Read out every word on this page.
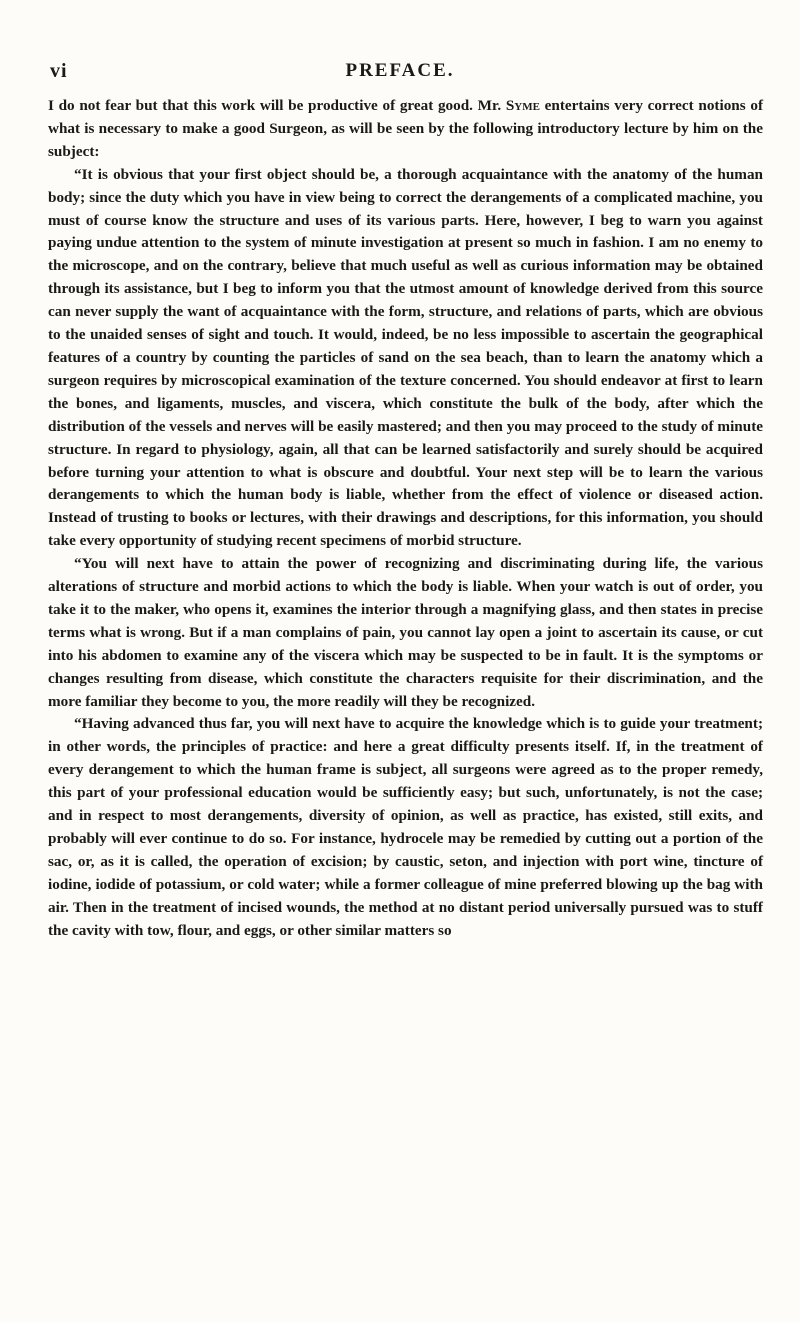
vi	PREFACE.

I do not fear but that this work will be productive of great good. Mr. Syme entertains very correct notions of what is necessary to make a good Surgeon, as will be seen by the following introductory lecture by him on the subject:

“It is obvious that your first object should be, a thorough acquaintance with the anatomy of the human body; since the duty which you have in view being to correct the derangements of a complicated machine, you must of course know the structure and uses of its various parts. Here, however, I beg to warn you against paying undue attention to the system of minute investigation at present so much in fashion. I am no enemy to the microscope, and on the contrary, believe that much useful as well as curious information may be obtained through its assistance, but I beg to inform you that the utmost amount of knowledge derived from this source can never supply the want of acquaintance with the form, structure, and relations of parts, which are obvious to the unaided senses of sight and touch. It would, indeed, be no less impossible to ascertain the geographical features of a country by counting the particles of sand on the sea beach, than to learn the anatomy which a surgeon requires by microscopical examination of the texture concerned. You should endeavor at first to learn the bones, and ligaments, muscles, and viscera, which constitute the bulk of the body, after which the distribution of the vessels and nerves will be easily mastered; and then you may proceed to the study of minute structure. In regard to physiology, again, all that can be learned satisfactorily and surely should be acquired before turning your attention to what is obscure and doubtful. Your next step will be to learn the various derangements to which the human body is liable, whether from the effect of violence or diseased action. Instead of trusting to books or lectures, with their drawings and descriptions, for this information, you should take every opportunity of studying recent specimens of morbid structure.

“You will next have to attain the power of recognizing and discriminating during life, the various alterations of structure and morbid actions to which the body is liable. When your watch is out of order, you take it to the maker, who opens it, examines the interior through a magnifying glass, and then states in precise terms what is wrong. But if a man complains of pain, you cannot lay open a joint to ascertain its cause, or cut into his abdomen to examine any of the viscera which may be suspected to be in fault. It is the symptoms or changes resulting from disease, which constitute the characters requisite for their discrimination, and the more familiar they become to you, the more readily will they be recognized.

“Having advanced thus far, you will next have to acquire the knowledge which is to guide your treatment; in other words, the principles of practice: and here a great difficulty presents itself. If, in the treatment of every derangement to which the human frame is subject, all surgeons were agreed as to the proper remedy, this part of your professional education would be sufficiently easy; but such, unfortunately, is not the case; and in respect to most derangements, diversity of opinion, as well as practice, has existed, still exits, and probably will ever continue to do so. For instance, hydrocele may be remedied by cutting out a portion of the sac, or, as it is called, the operation of excision; by caustic, seton, and injection with port wine, tincture of iodine, iodide of potassium, or cold water; while a former colleague of mine preferred blowing up the bag with air. Then in the treatment of incised wounds, the method at no distant period universally pursued was to stuff the cavity with tow, flour, and eggs, or other similar matters so
